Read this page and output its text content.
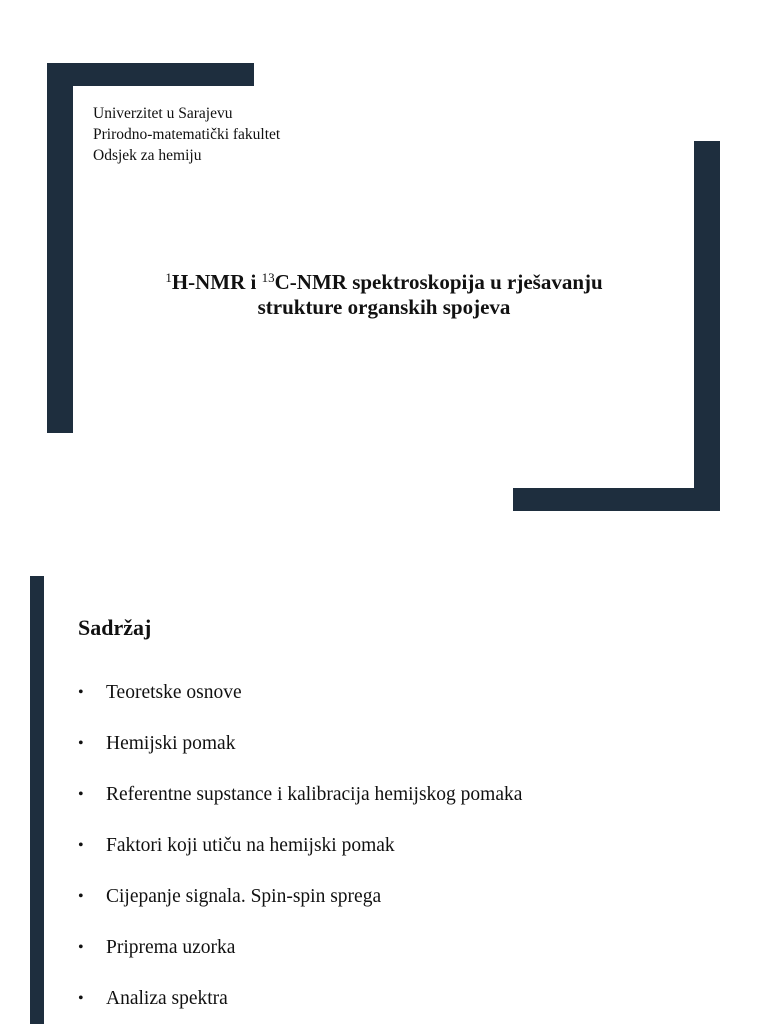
Univerzitet u Sarajevu
Prirodno-matematički fakultet
Odsjek za hemiju
$^1$H-NMR i $^{13}$C-NMR spektroskopija u rješavanju
strukture organskih spojeva
Sadržaj
•	Teoretske osnove
•	Hemijski pomak
•	Referentne supstance i kalibracija hemijskog pomaka
•	Faktori koji utiču na hemijski pomak
•	Cijepanje signala. Spin-spin sprega
•	Priprema uzorka
•	Analiza spektra
